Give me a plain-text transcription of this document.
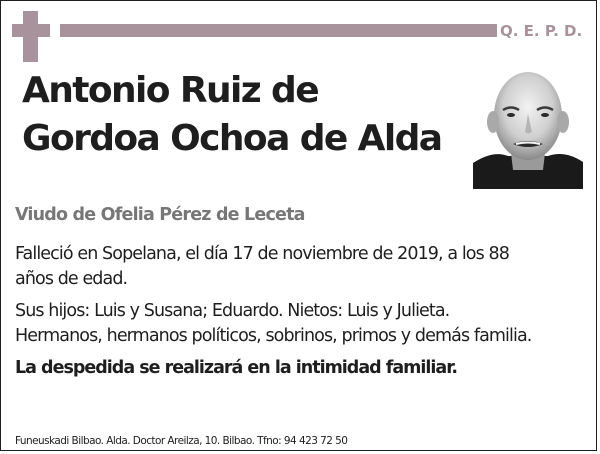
Q. E. P. D.
Antonio Ruiz de
Gordoa Ochoa de Alda
Viudo de Ofelia Pérez de Leceta
Falleció en Sopelana, el día 17 de noviembre de 2019, a los 88
años de edad.
Sus hijos: Luis y Susana; Eduardo. Nietos: Luis y Julieta.
Hermanos, hermanos políticos, sobrinos, primos y demás familia.
La despedida se realizará en la intimidad familiar.
Funeuskadi Bilbao. Alda. Doctor Areilza, 10. Bilbao. Tfno: 94 423 72 50
